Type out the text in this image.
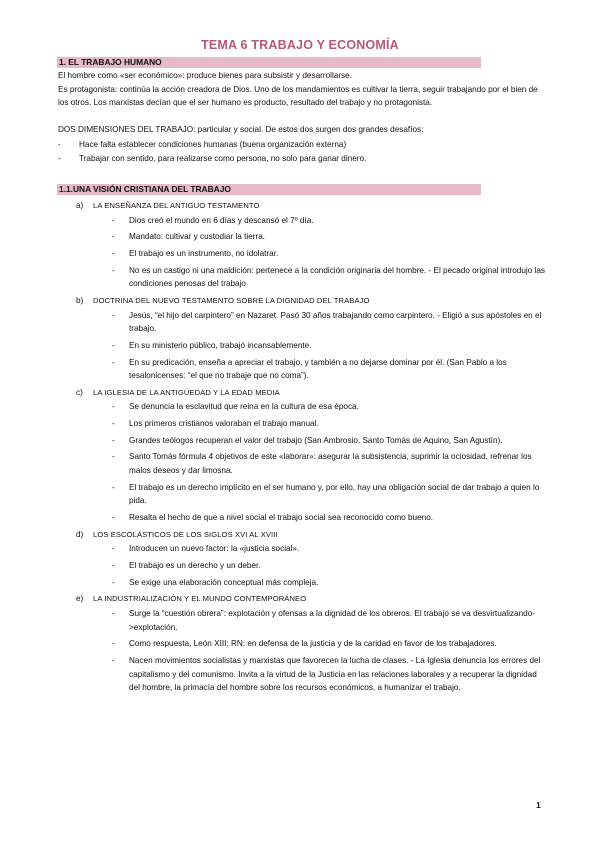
TEMA 6 TRABAJO Y ECONOMÍA
1. EL TRABAJO HUMANO

El hombre como «ser económico»: produce bienes para subsistir y desarrollarse.

Es protagonista: continúa la acción creadora de Dios. Uno de los mandamientos es cultivar la tierra, seguir trabajando por el bien de los otros. Los marxistas decían que el ser humano es producto, resultado del trabajo y no protagonista.

DOS DIMENSIONES DEL TRABAJO: particular y social. De estos dos surgen dos grandes desafíos:

-	Hace falta establecer condiciones humanas (buena organización externa)
-	Trabajar con sentido, para realizarse como persona, no solo para ganar dinero.
1.1.UNA VISIÓN CRISTIANA DEL TRABAJO
a) LA ENSEÑANZA DEL ANTIGUO TESTAMENTO
- Dios creó el mundo en 6 días y descansó el 7º día.
- Mandato: cultivar y custodiar la tierra.
- El trabajo es un instrumento, no idolatrar.
- No es un castigo ni una maldición: pertenece a la condición originaria del hombre. - El pecado original introdujo las condiciones penosas del trabajo
b) DOCTRINA DEL NUEVO TESTAMENTO SOBRE LA DIGNIDAD DEL TRABAJO
- Jesús, “el hijo del carpintero” en Nazaret. Pasó 30 años trabajando como carpintero. - Eligió a sus apóstoles en el trabajo.
- En su ministerio público, trabajó incansablemente.
- En su predicación, enseña a apreciar el trabajo, y también a no dejarse dominar por él. (San Pablo a los tesalonicenses: “el que no trabaje que no coma”).
c) LA IGLESIA DE LA ANTIGÜEDAD Y LA EDAD MEDIA
- Se denuncia la esclavitud que reina en la cultura de esa época.
- Los primeros cristianos valoraban el trabajo manual.
- Grandes teólogos recuperan el valor del trabajo (San Ambrosio, Santo Tomás de Aquino, San Agustín).
- Santo Tomás fórmula 4 objetivos de este «laborar»: asegurar la subsistencia, suprimir la ociosidad, refrenar los malos deseos y dar limosna.
- El trabajo es un derecho implícito en el ser humano y, por ello, hay una obligación social de dar trabajo a quien lo pida.
- Resalta el hecho de que a nivel social el trabajo social sea reconocido como bueno.
d) LOS ESCOLÁSTICOS DE LOS SIGLOS XVI AL XVIII
- Introducen un nuevo factor: la «justicia social».
- El trabajo es un derecho y un deber.
- Se exige una elaboración conceptual más compleja.
e) LA INDUSTRIALIZACIÓN Y EL MUNDO CONTEMPORÁNEO
- Surge la “cuestión obrera”: explotación y ofensas a la dignidad de los obreros. El trabajo se va desvirtualizando->explotación.
- Como respuesta, León XIII: RN: en defensa de la justicia y de la caridad en favor de los trabajadores.
- Nacen movimientos socialistas y marxistas que favorecen la lucha de clases. - La Iglesia denuncia los errores del capitalismo y del comunismo. Invita a la virtud de la Justicia en las relaciones laborales y a recuperar la dignidad del hombre, la primacía del hombre sobre los recursos económicos, a humanizar el trabajo.
1
